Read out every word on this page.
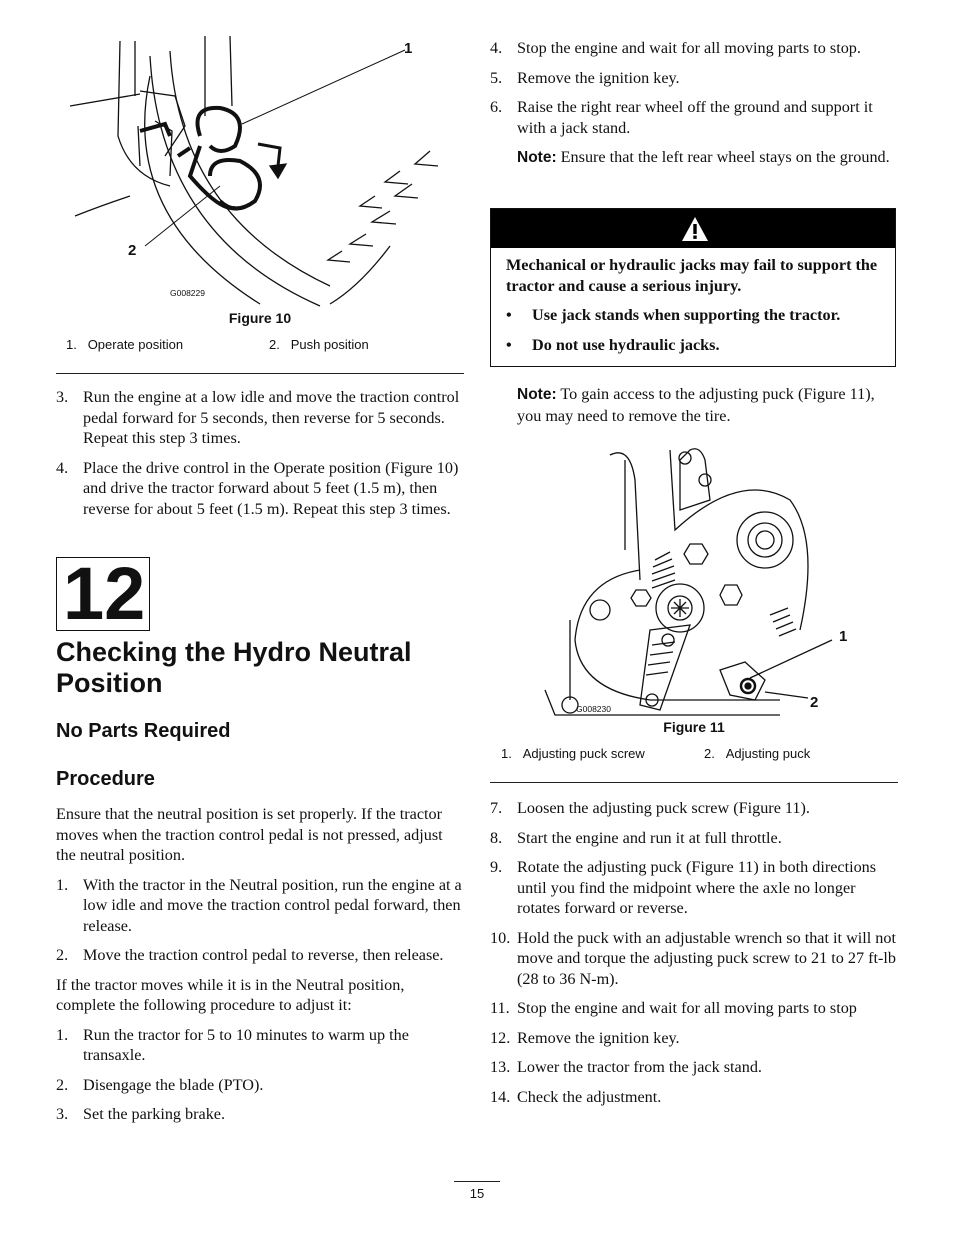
1
2
G008229
Figure 10
1. Operate position	2. Push position
3. Run the engine at a low idle and move the traction control pedal forward for 5 seconds, then reverse for 5 seconds. Repeat this step 3 times.
4. Place the drive control in the Operate position (Figure 10) and drive the tractor forward about 5 feet (1.5 m), then reverse for about 5 feet (1.5 m). Repeat this step 3 times.
12
Checking the Hydro Neutral
Position
No Parts Required
Procedure

Ensure that the neutral position is set properly. If the tractor moves when the traction control pedal is not pressed, adjust the neutral position.

1. With the tractor in the Neutral position, run the engine at a low idle and move the traction control pedal forward, then release.
2. Move the traction control pedal to reverse, then release.

If the tractor moves while it is in the Neutral position, complete the following procedure to adjust it:

1. Run the tractor for 5 to 10 minutes to warm up the transaxle.
2. Disengage the blade (PTO).
3. Set the parking brake.
4. Stop the engine and wait for all moving parts to stop.
5. Remove the ignition key.
6. Raise the right rear wheel off the ground and support it with a jack stand.

Note: Ensure that the left rear wheel stays on the ground.

Mechanical or hydraulic jacks may fail to support the tractor and cause a serious injury.

• Use jack stands when supporting the tractor.
• Do not use hydraulic jacks.

Note: To gain access to the adjusting puck (Figure 11), you may need to remove the tire.

1
2
G008230
Figure 11
1. Adjusting puck screw	2. Adjusting puck
7. Loosen the adjusting puck screw (Figure 11).
8. Start the engine and run it at full throttle.
9. Rotate the adjusting puck (Figure 11) in both directions until you find the midpoint where the axle no longer rotates forward or reverse.
10. Hold the puck with an adjustable wrench so that it will not move and torque the adjusting puck screw to 21 to 27 ft-lb (28 to 36 N-m).
11. Stop the engine and wait for all moving parts to stop
12. Remove the ignition key.
13. Lower the tractor from the jack stand.
14. Check the adjustment.
15
